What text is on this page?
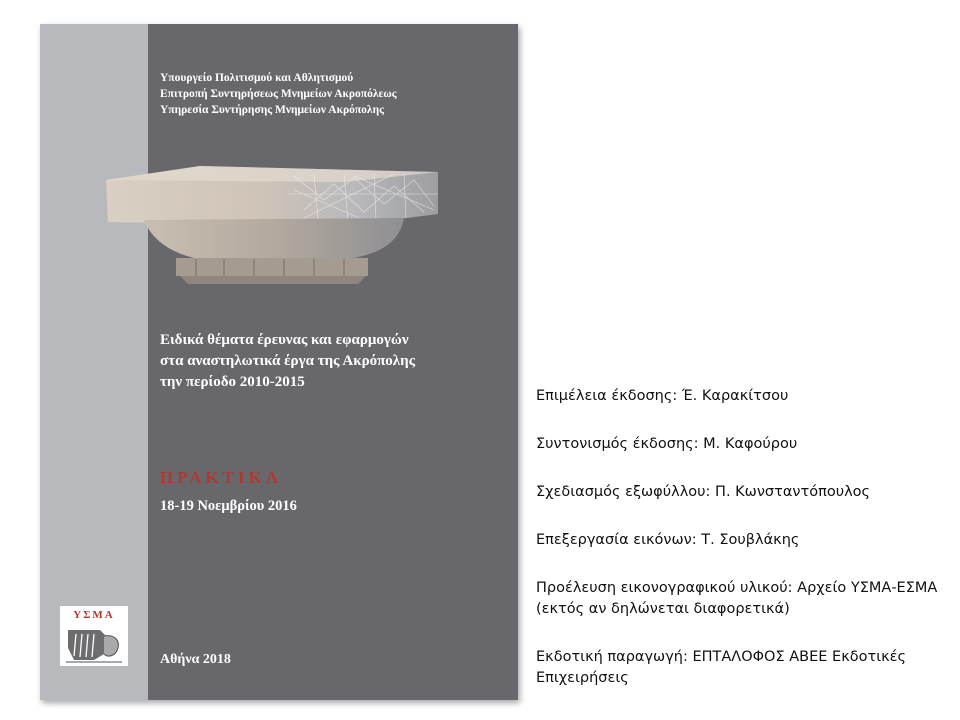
Υπουργείο Πολιτισμού και Αθλητισμού
Επιτροπή Συντηρήσεως Μνημείων Ακροπόλεως
Υπηρεσία Συντήρησης Μνημείων Ακρόπολης
Ειδικά θέματα έρευνας και εφαρμογών
στα αναστηλωτικά έργα της Ακρόπολης
την περίοδο 2010-2015
ΠΡΑΚΤΙΚΑ
18-19 Νοεμβρίου 2016
Αθήνα 2018
ΥΣΜΑ

Επιμέλεια έκδοσης: Έ. Καρακίτσου

Συντονισμός έκδοσης: Μ. Καφούρου

Σχεδιασμός εξωφύλλου: Π. Κωνσταντόπουλος

Επεξεργασία εικόνων: Τ. Σουβλάκης

Προέλευση εικονογραφικού υλικού: Αρχείο ΥΣΜΑ-ΕΣΜΑ (εκτός αν δηλώνεται διαφορετικά)

Εκδοτική παραγωγή: ΕΠΤΑΛΟΦΟΣ ΑΒΕΕ Εκδοτικές Επιχειρήσεις
